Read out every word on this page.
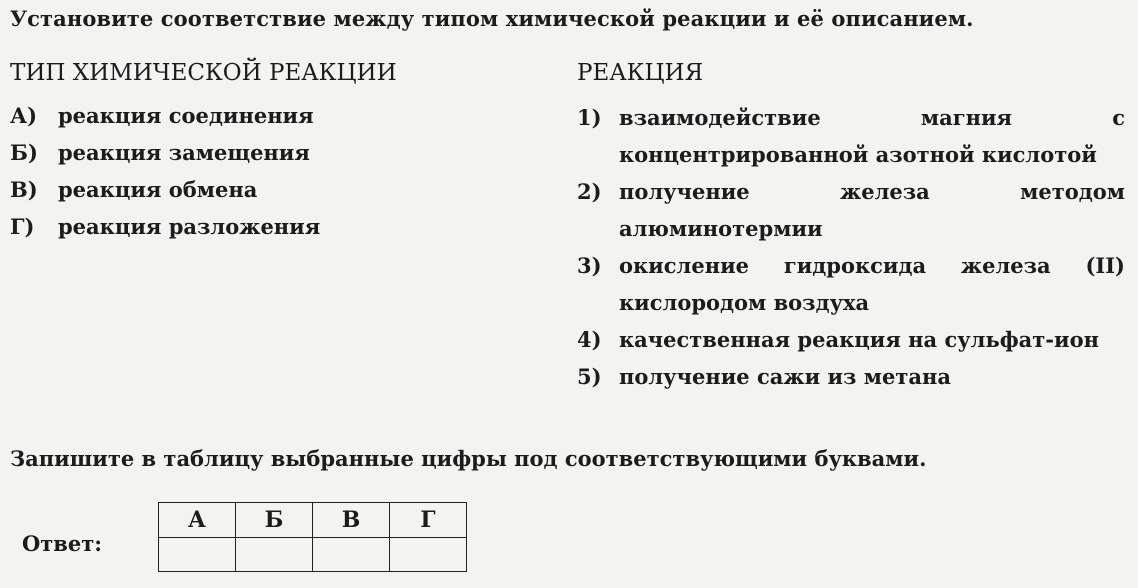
Установите соответствие между типом химической реакции и её описанием.
ТИП ХИМИЧЕСКОЙ РЕАКЦИИ	РЕАКЦИЯ
А) реакция соединения
Б) реакция замещения
В) реакция обмена
Г) реакция разложения
1) взаимодействие магния с концентрированной азотной кислотой
2) получение железа методом алюминотермии
3) окисление гидроксида железа (II) кислородом воздуха
4) качественная реакция на сульфат-ион
5) получение сажи из метана
Запишите в таблицу выбранные цифры под соответствующими буквами.
Ответ:
А	Б	В	Г
